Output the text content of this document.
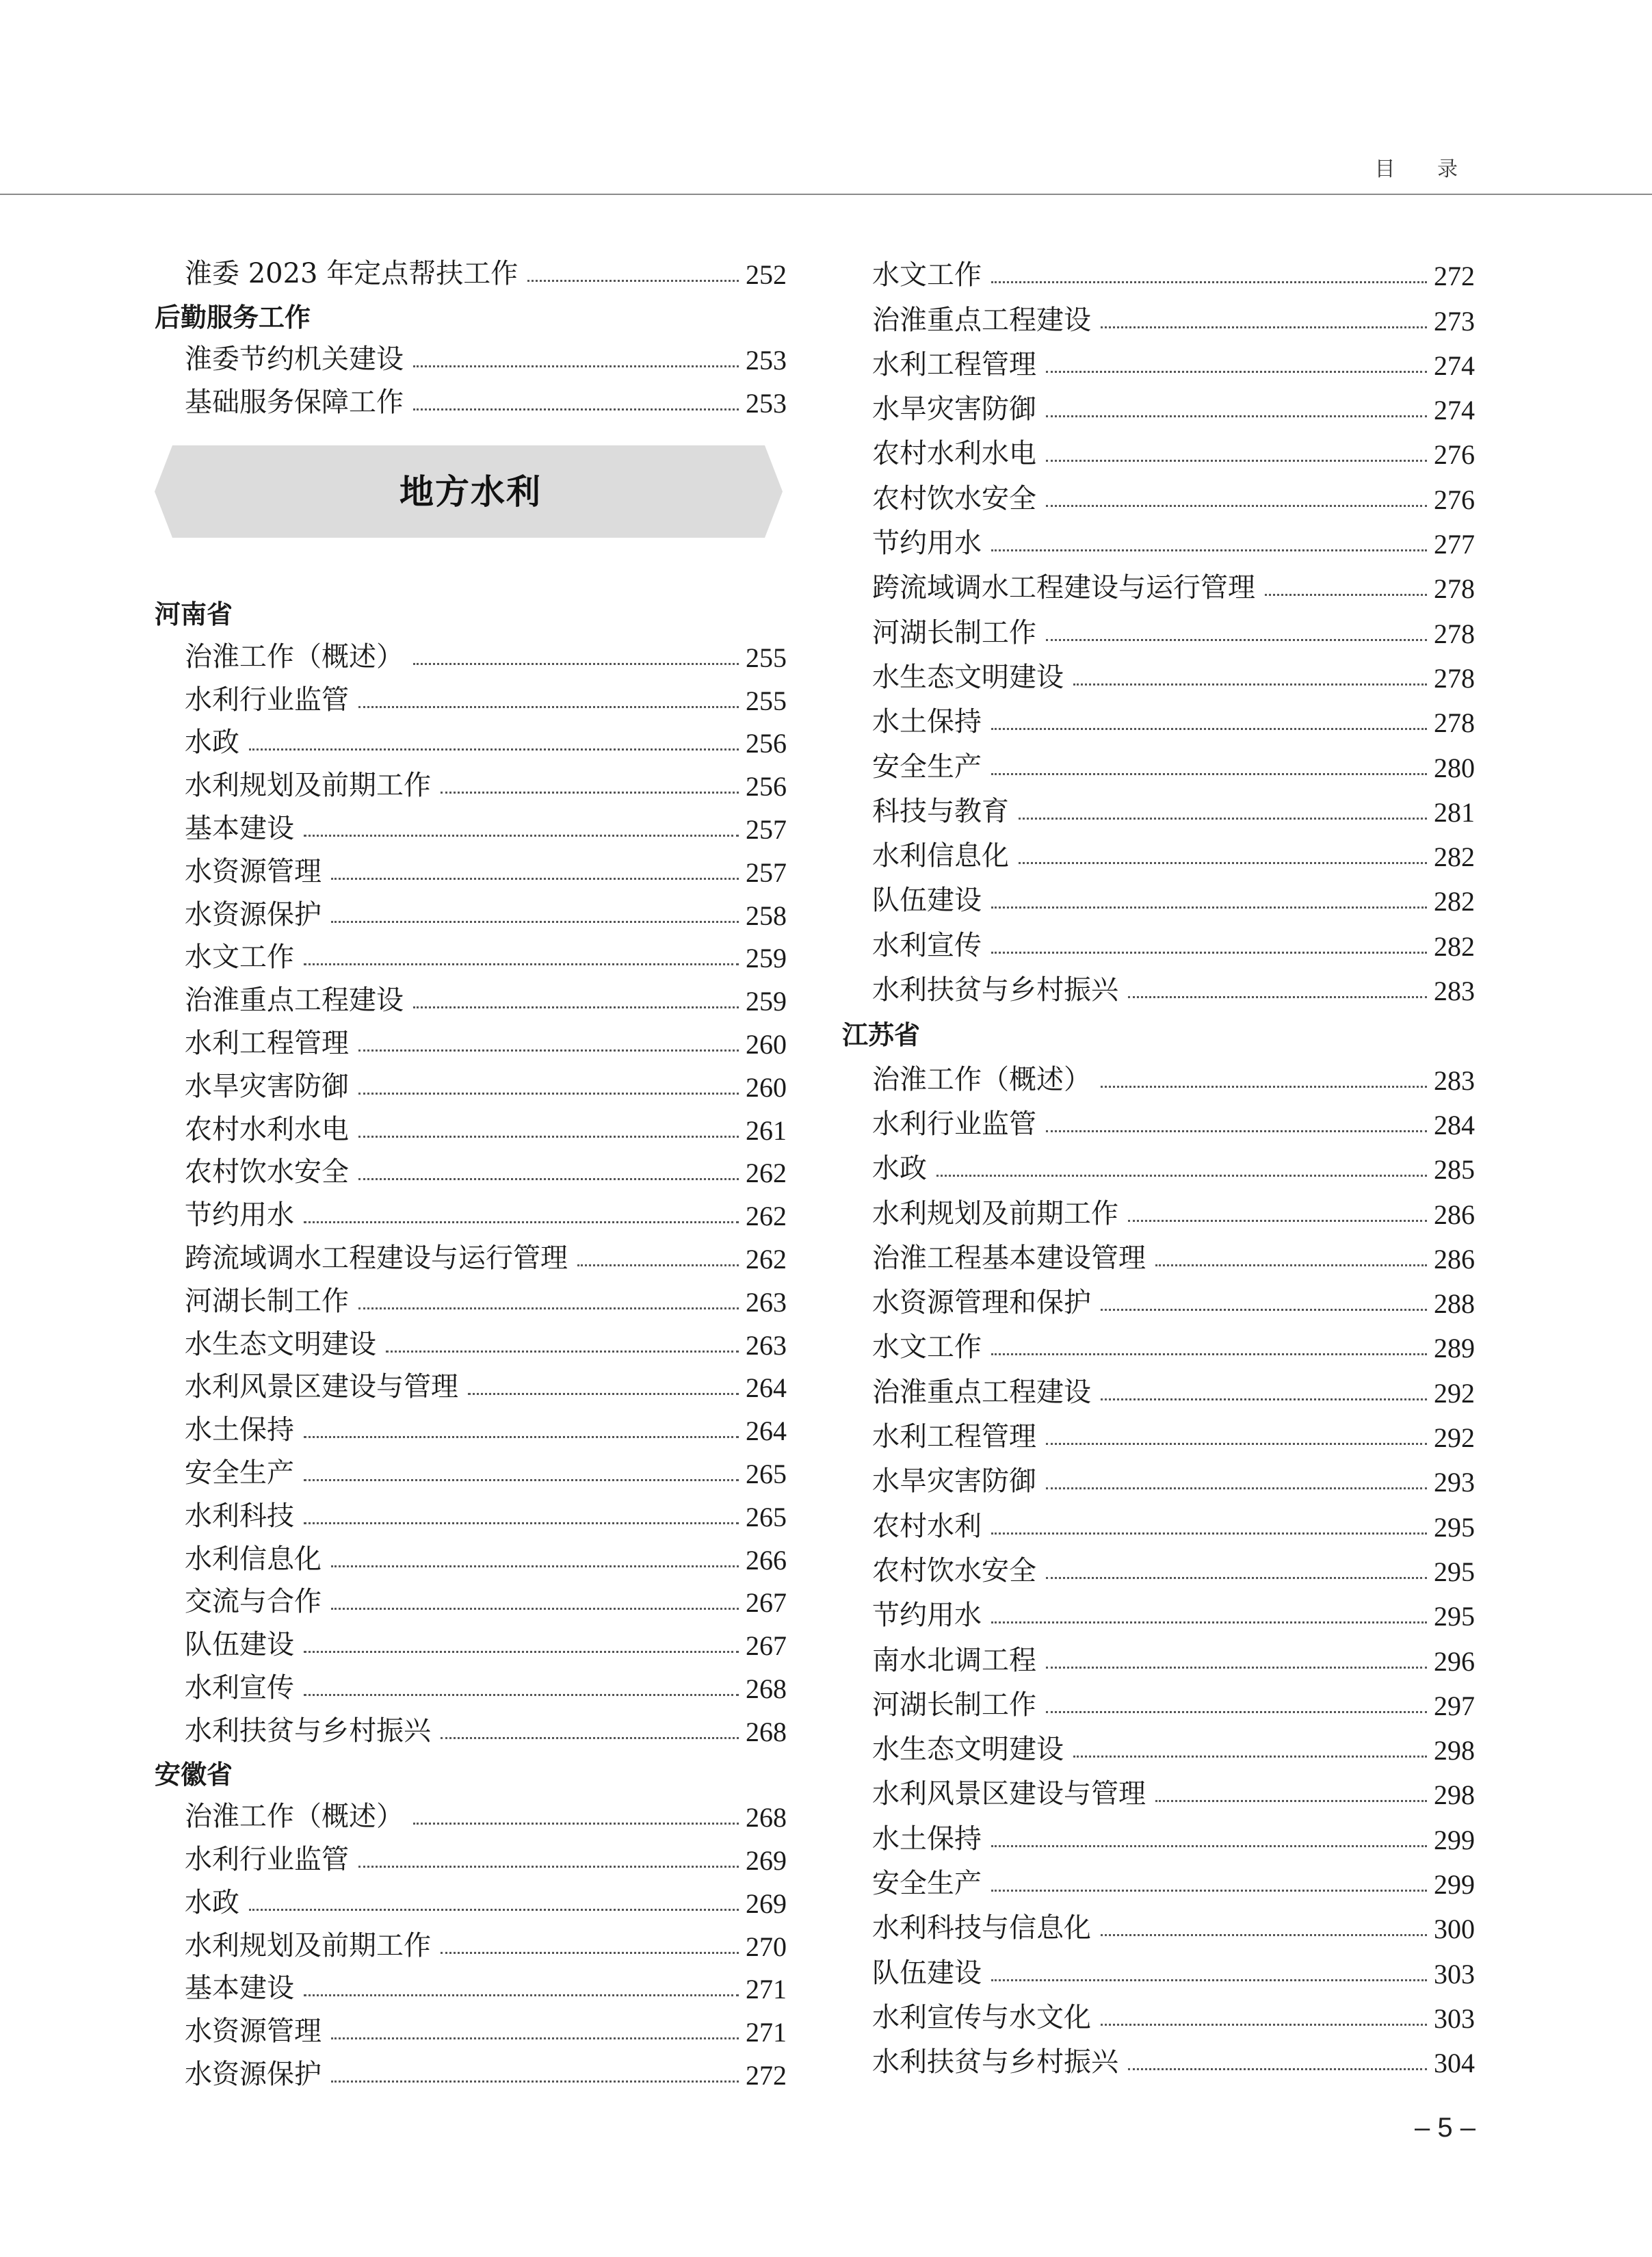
目 录
淮委 2023 年定点帮扶工作	252
后勤服务工作
淮委节约机关建设	253
基础服务保障工作	253
地方水利
河南省
治淮工作（概述）	255
水利行业监管	255
水政	256
水利规划及前期工作	256
基本建设	257
水资源管理	257
水资源保护	258
水文工作	259
治淮重点工程建设	259
水利工程管理	260
水旱灾害防御	260
农村水利水电	261
农村饮水安全	262
节约用水	262
跨流域调水工程建设与运行管理	262
河湖长制工作	263
水生态文明建设	263
水利风景区建设与管理	264
水土保持	264
安全生产	265
水利科技	265
水利信息化	266
交流与合作	267
队伍建设	267
水利宣传	268
水利扶贫与乡村振兴	268
安徽省
治淮工作（概述）	268
水利行业监管	269
水政	269
水利规划及前期工作	270
基本建设	271
水资源管理	271
水资源保护	272
水文工作	272
治淮重点工程建设	273
水利工程管理	274
水旱灾害防御	274
农村水利水电	276
农村饮水安全	276
节约用水	277
跨流域调水工程建设与运行管理	278
河湖长制工作	278
水生态文明建设	278
水土保持	278
安全生产	280
科技与教育	281
水利信息化	282
队伍建设	282
水利宣传	282
水利扶贫与乡村振兴	283
江苏省
治淮工作（概述）	283
水利行业监管	284
水政	285
水利规划及前期工作	286
治淮工程基本建设管理	286
水资源管理和保护	288
水文工作	289
治淮重点工程建设	292
水利工程管理	292
水旱灾害防御	293
农村水利	295
农村饮水安全	295
节约用水	295
南水北调工程	296
河湖长制工作	297
水生态文明建设	298
水利风景区建设与管理	298
水土保持	299
安全生产	299
水利科技与信息化	300
队伍建设	303
水利宣传与水文化	303
水利扶贫与乡村振兴	304
– 5 –
